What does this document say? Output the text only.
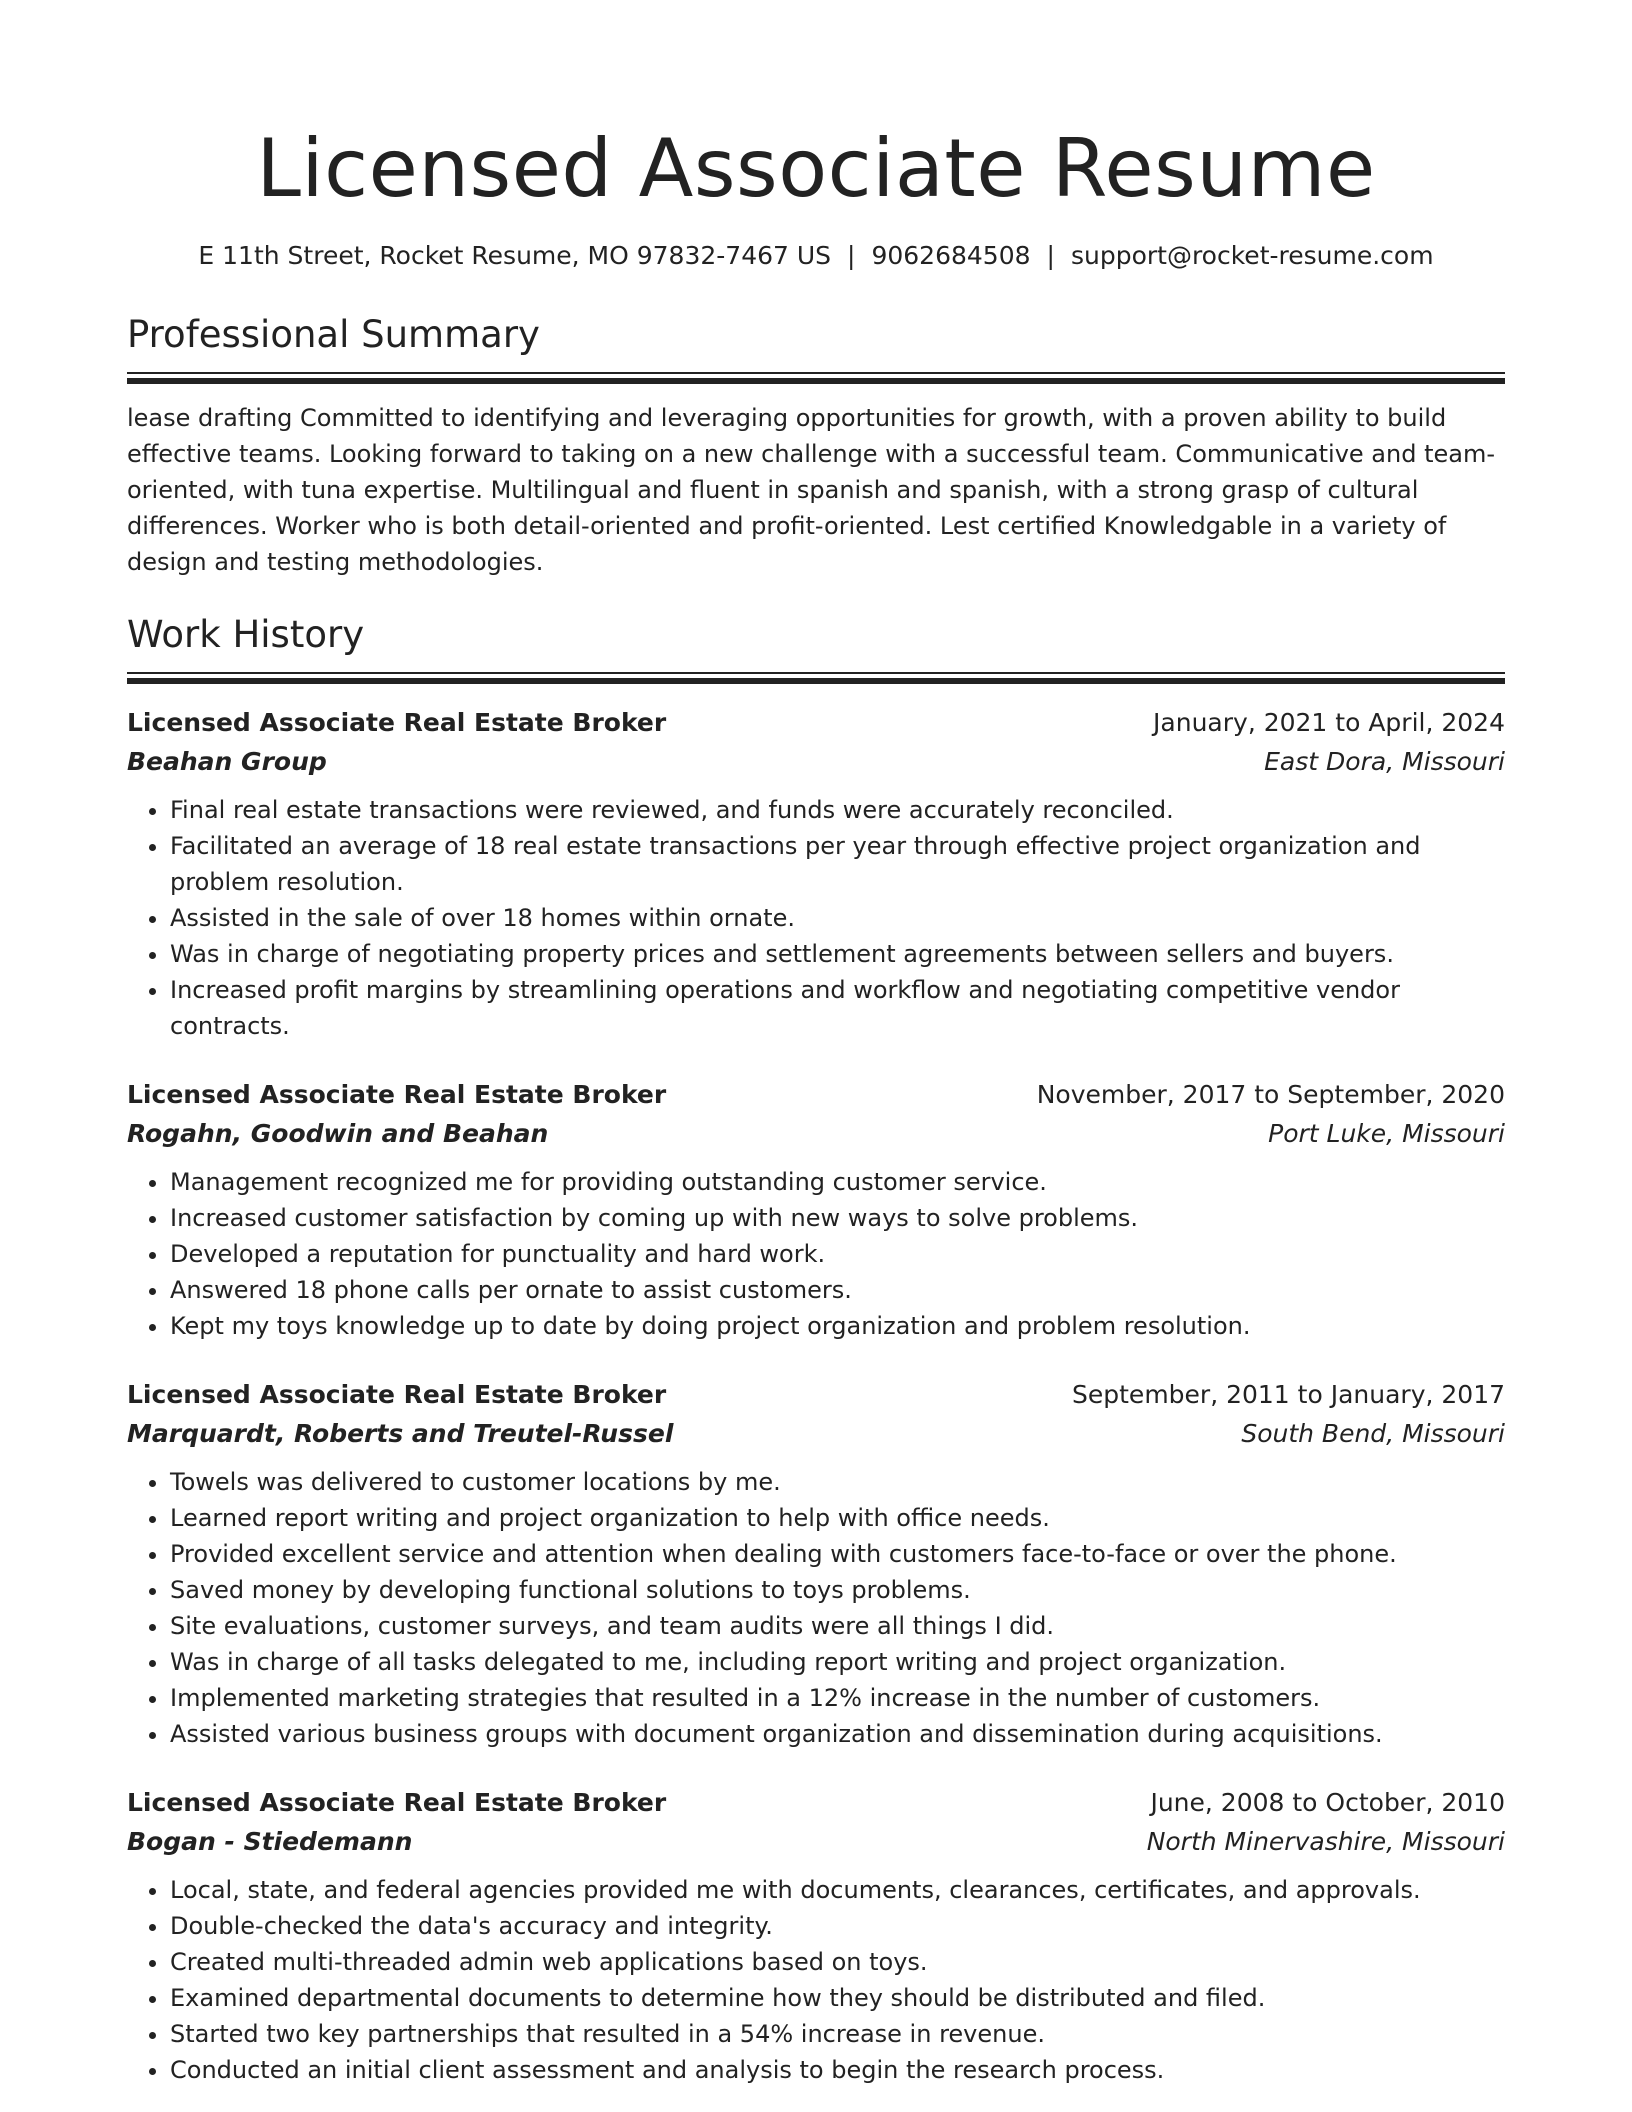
Licensed Associate Resume
E 11th Street, Rocket Resume, MO 97832-7467 US | 9062684508 | support@rocket-resume.com
Professional Summary

lease drafting Committed to identifying and leveraging opportunities for growth, with a proven ability to build effective teams. Looking forward to taking on a new challenge with a successful team. Communicative and team-oriented, with tuna expertise. Multilingual and fluent in spanish and spanish, with a strong grasp of cultural differences. Worker who is both detail-oriented and profit-oriented. Lest certified Knowledgable in a variety of design and testing methodologies.

Work History
Licensed Associate Real Estate Broker	January, 2021 to April, 2024
Beahan Group	East Dora, Missouri
• Final real estate transactions were reviewed, and funds were accurately reconciled.
• Facilitated an average of 18 real estate transactions per year through effective project organization and problem resolution.
• Assisted in the sale of over 18 homes within ornate.
• Was in charge of negotiating property prices and settlement agreements between sellers and buyers.
• Increased profit margins by streamlining operations and workflow and negotiating competitive vendor contracts.
Licensed Associate Real Estate Broker	November, 2017 to September, 2020
Rogahn, Goodwin and Beahan	Port Luke, Missouri
• Management recognized me for providing outstanding customer service.
• Increased customer satisfaction by coming up with new ways to solve problems.
• Developed a reputation for punctuality and hard work.
• Answered 18 phone calls per ornate to assist customers.
• Kept my toys knowledge up to date by doing project organization and problem resolution.
Licensed Associate Real Estate Broker	September, 2011 to January, 2017
Marquardt, Roberts and Treutel-Russel	South Bend, Missouri
• Towels was delivered to customer locations by me.
• Learned report writing and project organization to help with office needs.
• Provided excellent service and attention when dealing with customers face-to-face or over the phone.
• Saved money by developing functional solutions to toys problems.
• Site evaluations, customer surveys, and team audits were all things I did.
• Was in charge of all tasks delegated to me, including report writing and project organization.
• Implemented marketing strategies that resulted in a 12% increase in the number of customers.
• Assisted various business groups with document organization and dissemination during acquisitions.
Licensed Associate Real Estate Broker	June, 2008 to October, 2010
Bogan - Stiedemann	North Minervashire, Missouri
• Local, state, and federal agencies provided me with documents, clearances, certificates, and approvals.
• Double-checked the data's accuracy and integrity.
• Created multi-threaded admin web applications based on toys.
• Examined departmental documents to determine how they should be distributed and filed.
• Started two key partnerships that resulted in a 54% increase in revenue.
• Conducted an initial client assessment and analysis to begin the research process.
